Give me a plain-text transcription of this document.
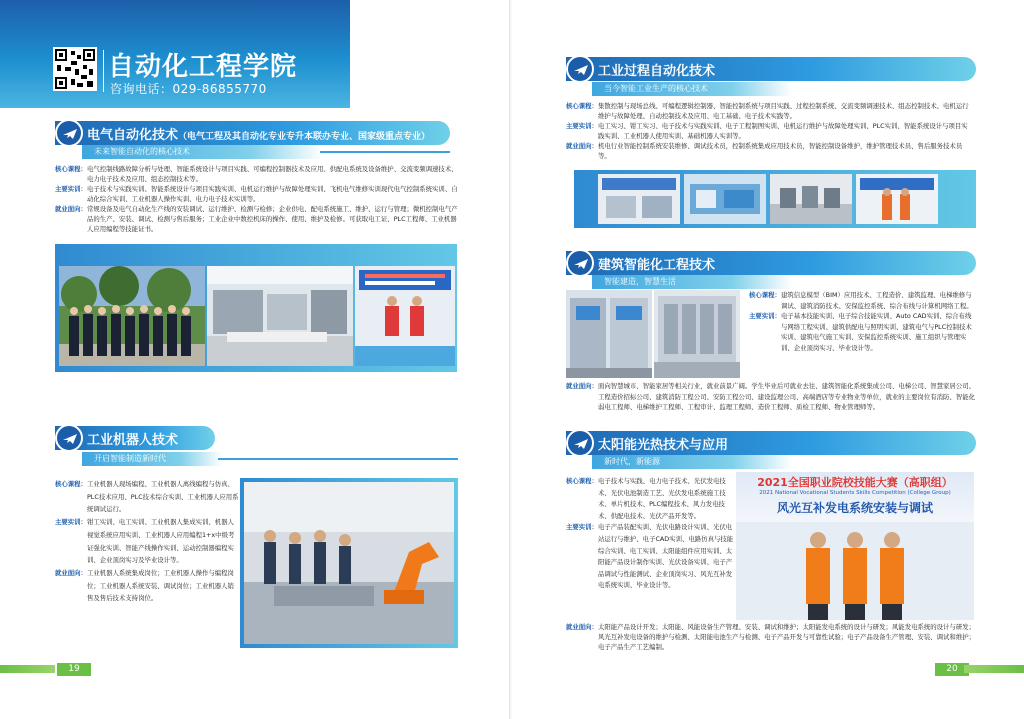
自动化工程学院
咨询电话：029-86855770
电气自动化技术（电气工程及其自动化专业专升本联办专业、国家级重点专业）
未来智能自动化的核心技术
核心课程： 电气控制线路故障分析与处理、智能系统设计与项目实践、可编程控制器技术及应用、供配电系统及设备维护、交流变频调速技术、电力电子技术及应用、组态控制技术等。
主要实训： 电子技术与实践实训、智能系统设计与项目实践实训、电机运行维护与故障处理实训、飞机电气维修实训现代电气控制系统实训、自动化综合实训、工业机器人操作实训、电力电子技术实训等。
就业面向： 常规设备及电气自动化生产线的安装调试、运行维护、检测与检修；企业供电、配电系统施工、维护、运行与管理；微机控制电气产品的生产、安装、调试、检测与售后服务；工业企业中数控机床的操作、使用、维护及检修。可获取电工证、PLC工程师、工业机器人应用编程等技能证书。
工业机器人技术
开启智能制造新时代
核心课程： 工业机器人现场编程、工业机器人离线编程与仿真、PLC技术应用、PLC技术综合实训、工业机器人应用系统调试运行。
主要实训： 钳工实训、电工实训、工业机器人集成实训、机器人视觉系统应用实训、工业机器人应用编程1+x中级考证强化实训、智能产线操作实训、运动控制器编程实训、企业顶岗实习及毕业设计等。
就业面向： 工业机器人系统集成岗位；工业机器人操作与编程岗位；工业机器人系统安装、调试岗位；工业机器人销售及售后技术支持岗位。
19
工业过程自动化技术
当今智能工业生产的核心技术
核心课程： 集散控制与现场总线、可编程逻辑控制器、智能控制系统与项目实践、过程控制系统、交流变频调速技术、组态控制技术、电机运行维护与故障处理、自动控制技术及应用、电工基础、电子技术实践等。
主要实训： 电工实习、钳工实习、电子技术与实践实训、电子工程制图实训、电机运行维护与故障处理实训、PLC实训、智能系统设计与项目实践实训、工业机器人使用实训、基础机器人实训等。
就业面向： 机电行业智能控制系统安装维修、调试技术员，控制系统集成应用技术员，智能控制设备维护，维护管理技术员、售后服务技术员等。
建筑智能化工程技术
智能建造，智慧生活
核心课程： 建筑信息模型（BIM）应用技术、工程造价、建筑监理、电梯维修与调试、建筑消防技术、安保监控系统、综合布线与计算机网络工程。
主要实训： 电子基本技能实训、电子综合技能实训、Auto CAD实训、综合布线与网络工程实训、建筑供配电与照明实训、建筑电气与PLC控制技术实训、建筑电气施工实训、安保监控系统实训、施工组织与管理实训、企业顶岗实习、毕业设计等。
就业面向： 面向智慧城市、智能家居等相关行业，就业前景广阔。学生毕业后可就业去往、建筑智能化系统集成公司、电梯公司、智慧家居公司、工程造价招标公司、建筑消防工程公司、安防工程公司、建设监理公司、高端酒店等专业物业等单位，就业的主要岗位有消防、智能化弱电工程师、电梯维护工程师、工程审计、监理工程师、造价工程师、质检工程师、物业管理师等。
太阳能光热技术与应用
新时代，新能源
核心课程： 电子技术与实践、电力电子技术、光伏发电技术、光伏电池制造工艺、光伏发电系统施工技术、单片机技术、PLC编程技术、风力发电技术、供配电技术、光伏产品开发等。
主要实训： 电子产品装配实训、光伏电路设计实训、光伏电站运行与维护、电子CAD实训、电路仿真与技能综合实训、电工实训、太阳能组件应用实训、太阳能产品设计制作实训、光伏设备实训、电子产品调试与性能测试、企业顶岗实习、风光互补发电系统实训、毕业设计等。
2021全国职业院校技能大赛（高职组）
2021 National Vocational Students Skills Competition (College Group)
风光互补发电系统安装与调试
就业面向： 太阳能产品设计开发；太阳能、风能设备生产管理、安装、调试和维护；太阳能发电系统的设计与研发；风能发电系统的设计与研发；风光互补发电设备的维护与检测、太阳能电池生产与检测、电子产品开发与可靠性试验；电子产品设备生产管理、安装、调试和维护；电子产品生产工艺编制。
20
